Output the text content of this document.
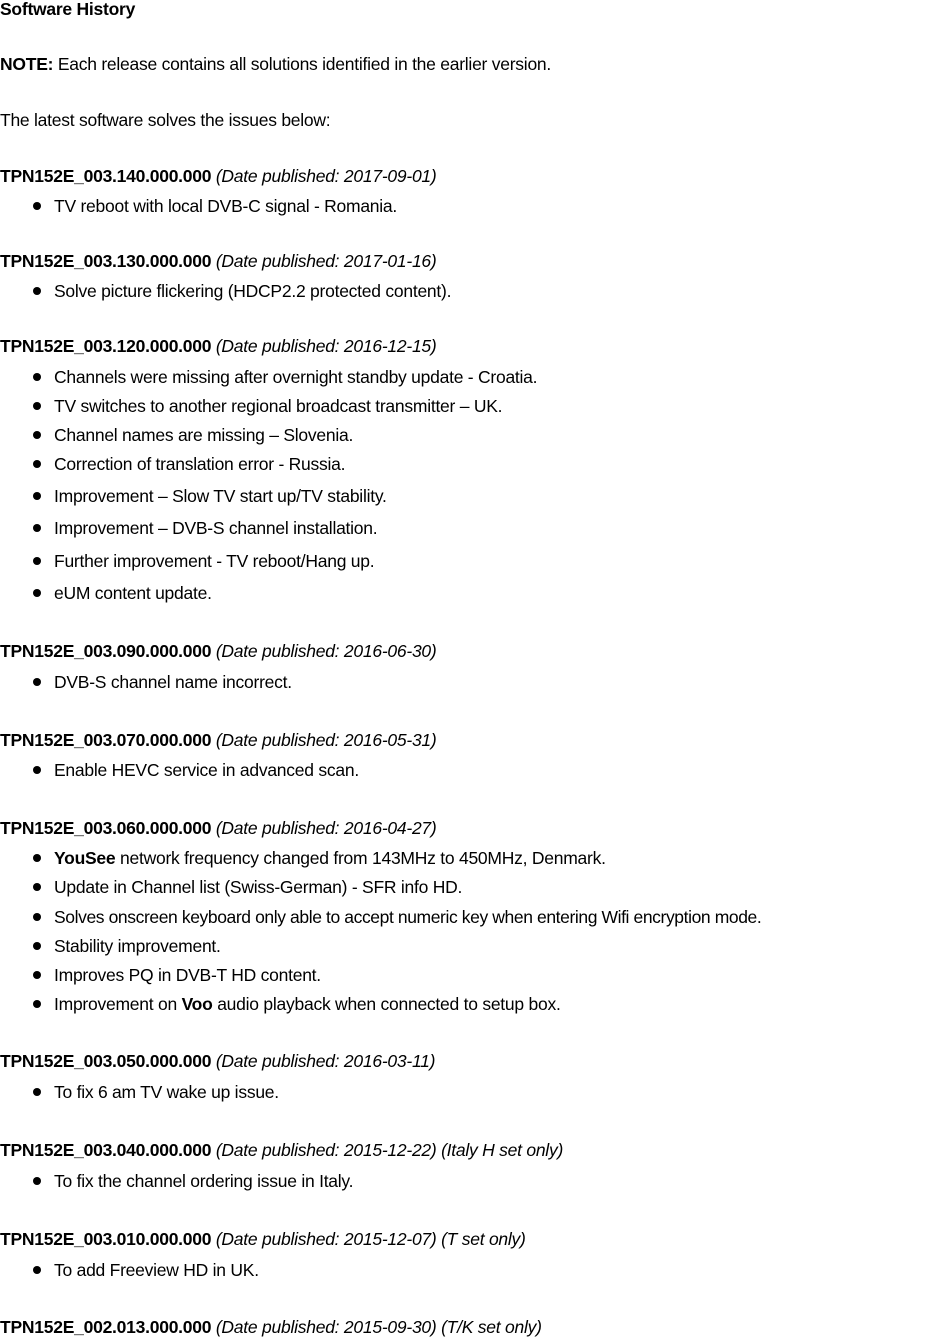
Software History
NOTE: Each release contains all solutions identified in the earlier version.
The latest software solves the issues below:
TPN152E_003.140.000.000 (Date published: 2017-09-01)
TV reboot with local DVB-C signal - Romania.
TPN152E_003.130.000.000 (Date published: 2017-01-16)
Solve picture flickering (HDCP2.2 protected content).
TPN152E_003.120.000.000 (Date published: 2016-12-15)
Channels were missing after overnight standby update - Croatia.
TV switches to another regional broadcast transmitter – UK.
Channel names are missing – Slovenia.
Correction of translation error - Russia.
Improvement – Slow TV start up/TV stability.
Improvement – DVB-S channel installation.
Further improvement - TV reboot/Hang up.
eUM content update.
TPN152E_003.090.000.000 (Date published: 2016-06-30)
DVB-S channel name incorrect.
TPN152E_003.070.000.000 (Date published: 2016-05-31)
Enable HEVC service in advanced scan.
TPN152E_003.060.000.000 (Date published: 2016-04-27)
YouSee network frequency changed from 143MHz to 450MHz, Denmark.
Update in Channel list (Swiss-German) - SFR info HD.
Solves onscreen keyboard only able to accept numeric key when entering Wifi encryption mode.
Stability improvement.
Improves PQ in DVB-T HD content.
Improvement on Voo audio playback when connected to setup box.
TPN152E_003.050.000.000 (Date published: 2016-03-11)
To fix 6 am TV wake up issue.
TPN152E_003.040.000.000 (Date published: 2015-12-22) (Italy H set only)
To fix the channel ordering issue in Italy.
TPN152E_003.010.000.000 (Date published: 2015-12-07) (T set only)
To add Freeview HD in UK.
TPN152E_002.013.000.000 (Date published: 2015-09-30) (T/K set only)
